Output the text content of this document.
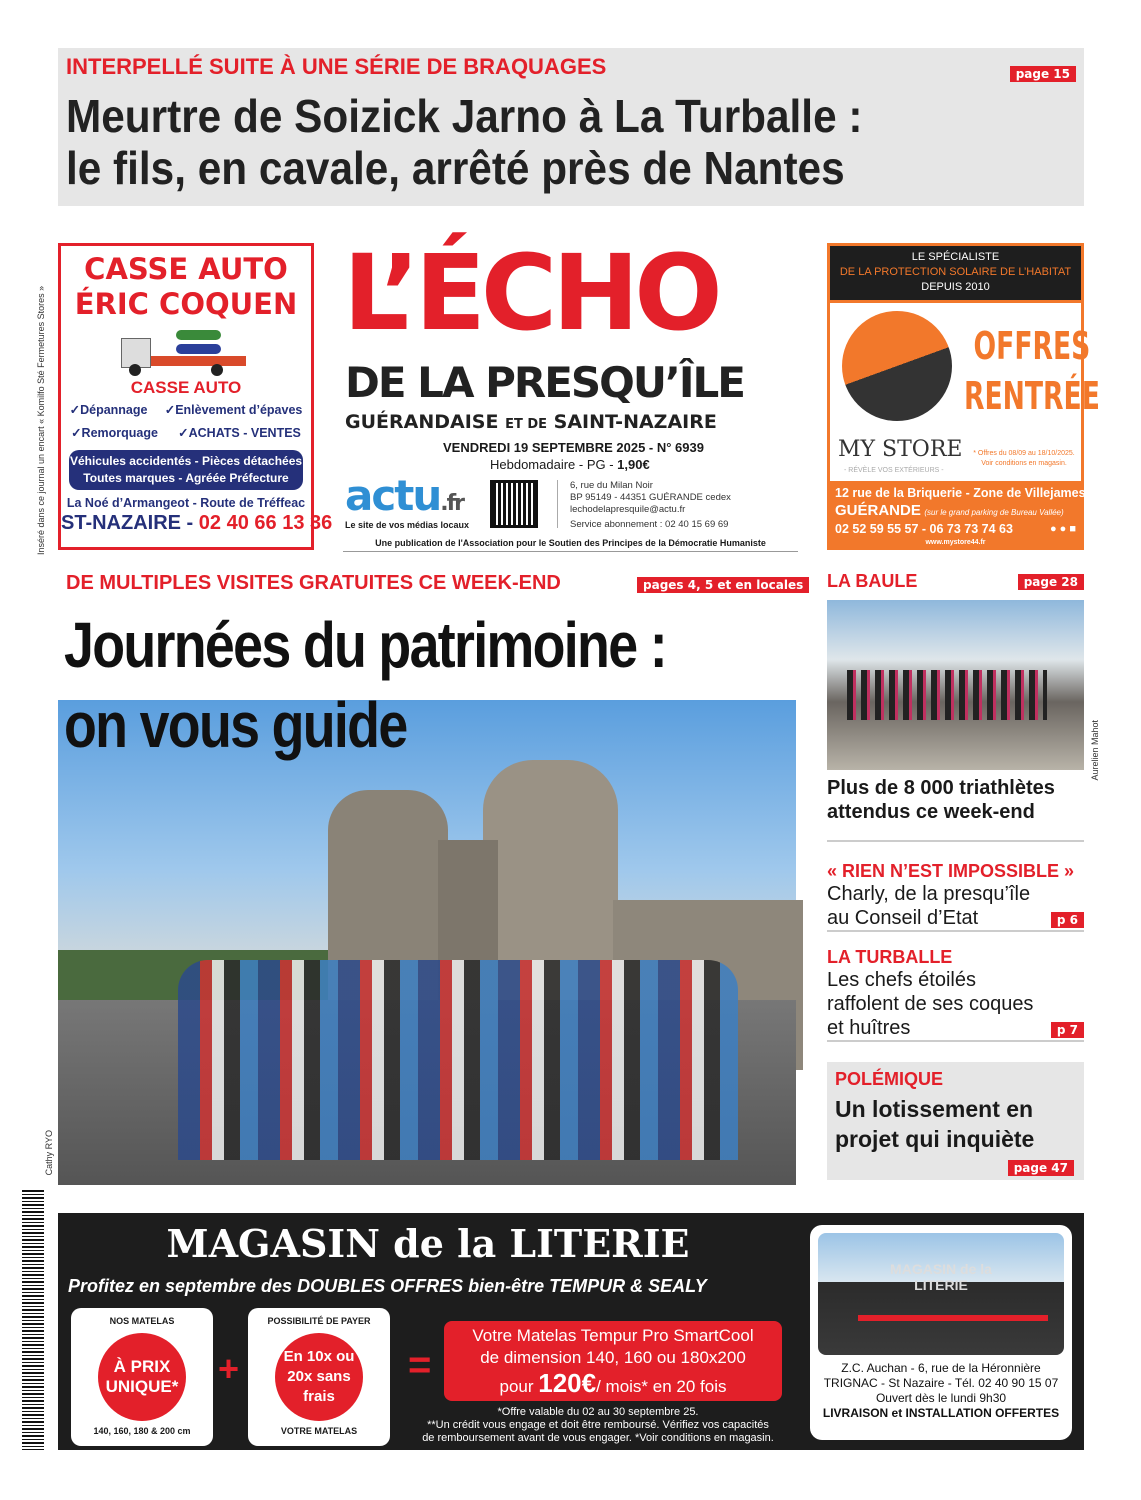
INTERPELLÉ SUITE À UNE SÉRIE DE BRAQUAGES	page 15
Meurtre de Soizick Jarno à La Turballe :
le fils, en cavale, arrêté près de Nantes
Inséré dans ce journal un encart « Komilfo Sté Fermetures Stores »
CASSE AUTO
ÉRIC COQUEN
CASSE AUTO
✓Dépannage ✓Enlèvement d’épaves
✓Remorquage ✓ACHATS - VENTES
Véhicules accidentés - Pièces détachées
Toutes marques - Agréée Préfecture
La Noé d’Armangeot - Route de Tréffeac
ST-NAZAIRE - 02 40 66 13 36
L’ÉCHO
DE LA PRESQU’ÎLE
GUÉRANDAISE ET DE SAINT-NAZAIRE
VENDREDI 19 SEPTEMBRE 2025 - N° 6939
Hebdomadaire - PG - 1,90€
actu.fr
Le site de vos médias locaux
6, rue du Milan Noir
BP 95149 - 44351 GUÉRANDE cedex
lechodelapresquile@actu.fr
Service abonnement : 02 40 15 69 69
Une publication de l'Association pour le Soutien des Principes de la Démocratie Humaniste
LE SPÉCIALISTE
DE LA PROTECTION SOLAIRE DE L’HABITAT
DEPUIS 2010
OFFRES
RENTRÉE
MY STORE
- RÉVÈLE VOS EXTÉRIEURS -
* Offres du 08/09 au 18/10/2025.
Voir conditions en magasin.
12 rue de la Briquerie - Zone de Villejames
GUÉRANDE (sur le grand parking de Bureau Vallée)
02 52 59 55 57 - 06 73 73 74 63	● ● ■
www.mystore44.fr
DE MULTIPLES VISITES GRATUITES CE WEEK-END	pages 4, 5 et en locales
Journées du patrimoine :
on vous guide
Cathy RYO
LA BAULE	page 28
Aurelien Mahot

Plus de 8 000 triathlètes attendus ce week-end

« RIEN N’EST IMPOSSIBLE »

Charly, de la presqu’île au Conseil d’Etat	p 6
LA TURBALLE

Les chefs étoilés raffolent de ses coques et huîtres	p 7
POLÉMIQUE

Un lotissement en projet qui inquiète

page 47
MAGASIN de la LITERIE
Profitez en septembre des DOUBLES OFFRES bien-être TEMPUR & SEALY
NOS MATELAS
À PRIX UNIQUE*
140, 160, 180 & 200 cm
+
POSSIBILITÉ DE PAYER
En 10x ou 20x sans frais
VOTRE MATELAS
=
Votre Matelas Tempur Pro SmartCool
de dimension 140, 160 ou 180x200
pour 120€/ mois* en 20 fois
*Offre valable du 02 au 30 septembre 25.
**Un crédit vous engage et doit être remboursé. Vérifiez vos capacités
de remboursement avant de vous engager. *Voir conditions en magasin.
MAGASIN de la LITERIE
Z.C. Auchan - 6, rue de la Héronnière
TRIGNAC - St Nazaire - Tél. 02 40 90 15 07
Ouvert dès le lundi 9h30
LIVRAISON et INSTALLATION OFFERTES
